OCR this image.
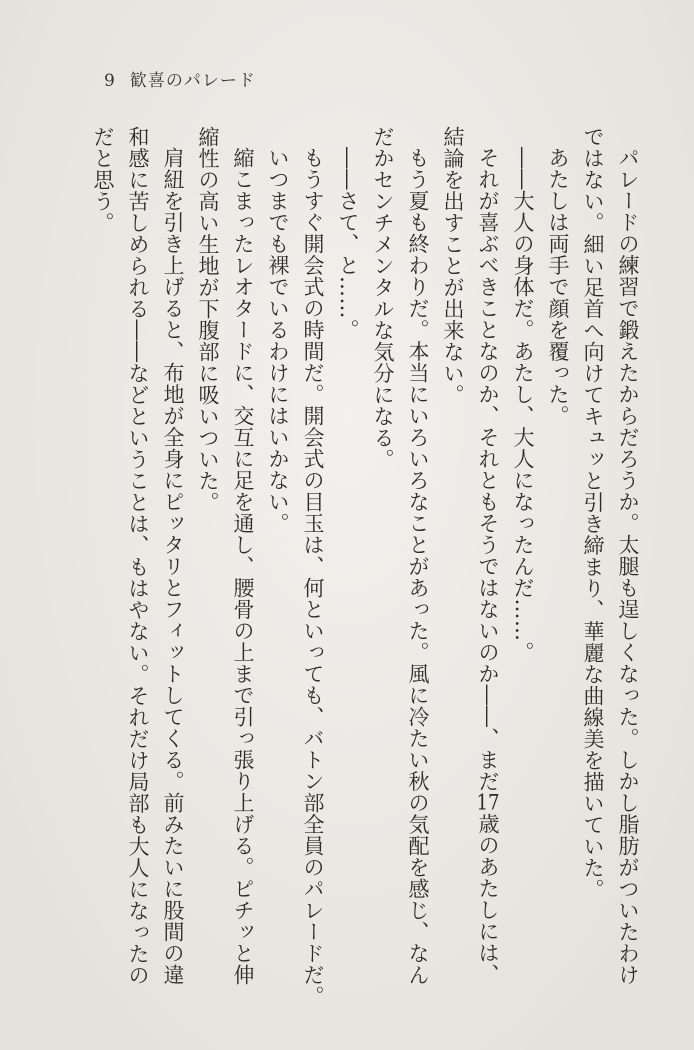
9 歓喜のパレード

パレードの練習で鍛えたからだろうか。太腿も逞しくなった。しかし脂肪がついたわけ

ではない。細い足首へ向けてキュッと引き締まり、華麗な曲線美を描いていた。

あたしは両手で顔を覆った。

――大人の身体だ。あたし、大人になったんだ……。

それが喜ぶべきことなのか、それともそうではないのか――、まだ17歳のあたしには、

結論を出すことが出来ない。

もう夏も終わりだ。本当にいろいろなことがあった。風に冷たい秋の気配を感じ、なん

だかセンチメンタルな気分になる。

――さて、と……。

もうすぐ開会式の時間だ。開会式の目玉は、何といっても、バトン部全員のパレードだ。

いつまでも裸でいるわけにはいかない。

縮こまったレオタードに、交互に足を通し、腰骨の上まで引っ張り上げる。ピチッと伸

縮性の高い生地が下腹部に吸いついた。

肩紐を引き上げると、布地が全身にピッタリとフィットしてくる。前みたいに股間の違

和感に苦しめられる――などということは、もはやない。それだけ局部も大人になったの

だと思う。
